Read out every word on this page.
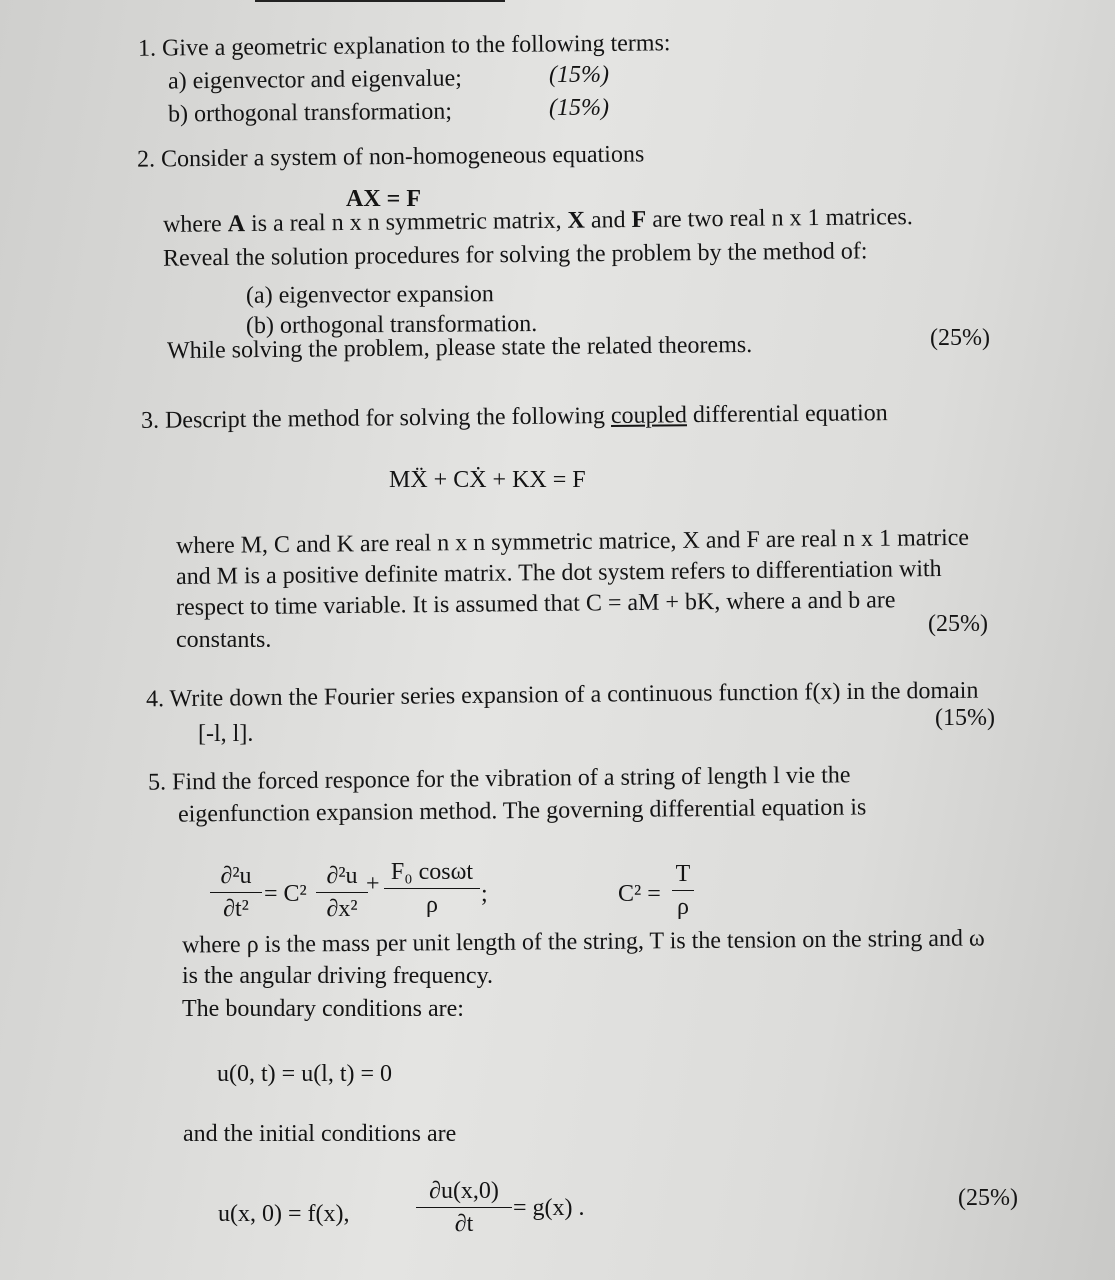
1. Give a geometric explanation to the following terms:
a) eigenvector and eigenvalue;	(15%)
b) orthogonal transformation;	(15%)
2. Consider a system of non-homogeneous equations
AX = F
where A is a real n x n symmetric matrix, X and F are two real n x 1 matrices.
Reveal the solution procedures for solving the problem by the method of:
(a) eigenvector expansion
(b) orthogonal transformation.
While solving the problem, please state the related theorems.	(25%)
3. Descript the method for solving the following coupled differential equation
MẌ + CẊ + KX = F
where M, C and K are real n x n symmetric matrice, X and F are real n x 1 matrice
and M is a positive definite matrix. The dot system refers to differentiation with
respect to time variable. It is assumed that C = aM + bK, where a and b are
constants.
(25%)
4. Write down the Fourier series expansion of a continuous function f(x) in the domain
[-l, l].
(15%)
5. Find the forced responce for the vibration of a string of length l vie the
eigenfunction expansion method. The governing differential equation is
∂²u
∂t²
= C²
∂²u
∂x²
+ F₀ cosωt
ρ	;	C² =
T
ρ
where ρ is the mass per unit length of the string, T is the tension on the string and ω
is the angular driving frequency.
The boundary conditions are:
u(0, t) = u(l, t) = 0
and the initial conditions are
u(x, 0) = f(x),
∂u(x,0)
∂t
= g(x) .	(25%)
